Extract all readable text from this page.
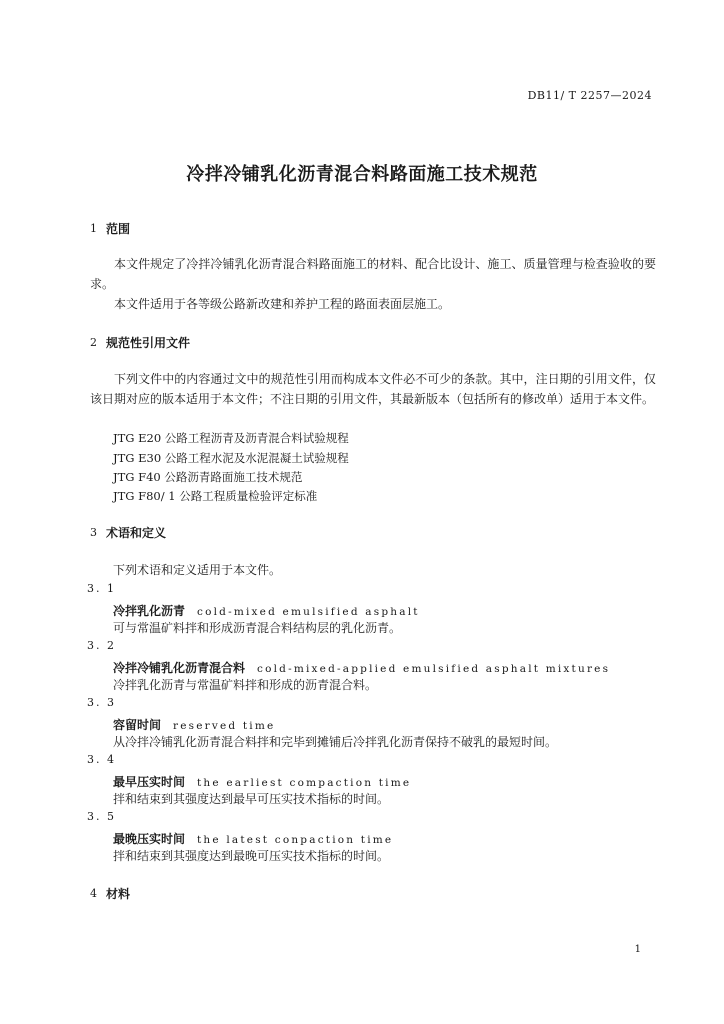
DB11/ T 2257—2024
冷拌冷铺乳化沥青混合料路面施工技术规范
1 范围
本文件规定了冷拌冷铺乳化沥青混合料路面施工的材料、配合比设计、施工、质量管理与检查验收的要求。
本文件适用于各等级公路新改建和养护工程的路面表面层施工。
2 规范性引用文件
下列文件中的内容通过文中的规范性引用而构成本文件必不可少的条款。其中，注日期的引用文件，仅该日期对应的版本适用于本文件；不注日期的引用文件，其最新版本（包括所有的修改单）适用于本文件。
JTG E20 公路工程沥青及沥青混合料试验规程
JTG E30 公路工程水泥及水泥混凝土试验规程
JTG F40 公路沥青路面施工技术规范
JTG F80/ 1 公路工程质量检验评定标准
3 术语和定义
下列术语和定义适用于本文件。
3. 1
冷拌乳化沥青 cold-mixed emulsified asphalt
可与常温矿料拌和形成沥青混合料结构层的乳化沥青。
3. 2
冷拌冷铺乳化沥青混合料 cold-mixed-applied emulsified asphalt mixtures
冷拌乳化沥青与常温矿料拌和形成的沥青混合料。
3. 3
容留时间 reserved time
从冷拌冷铺乳化沥青混合料拌和完毕到摊铺后冷拌乳化沥青保持不破乳的最短时间。
3. 4
最早压实时间 the earliest compaction time
拌和结束到其强度达到最早可压实技术指标的时间。
3. 5
最晚压实时间 the latest conpaction time
拌和结束到其强度达到最晚可压实技术指标的时间。
4 材料
1
